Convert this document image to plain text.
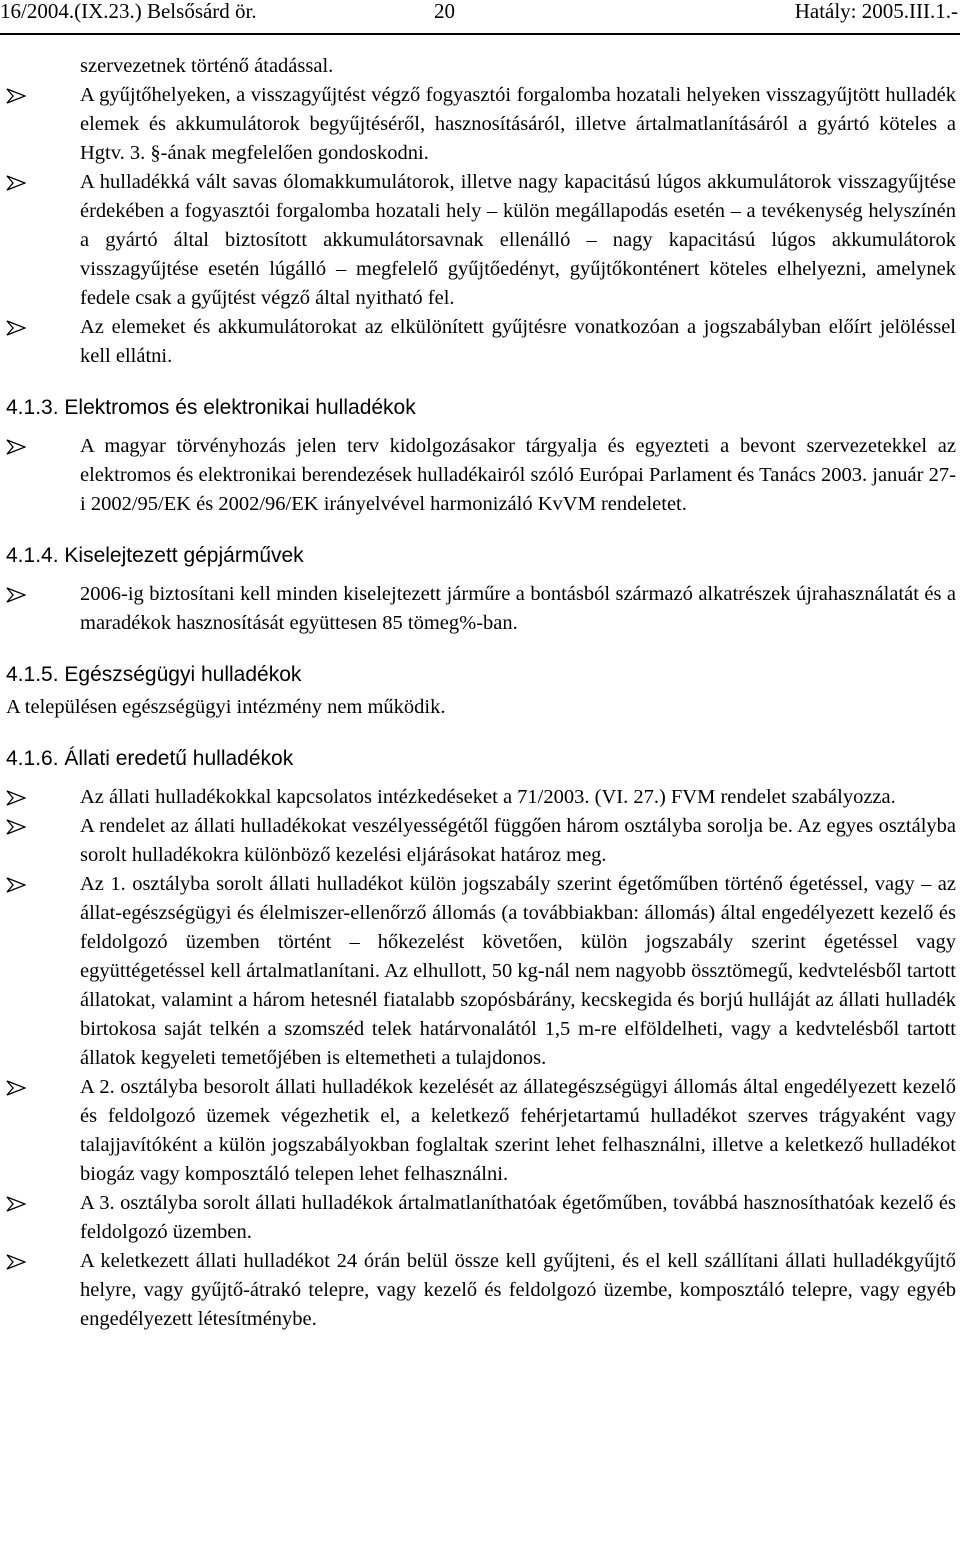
16/2004.(IX.23.) Belsősárd ör.	20	Hatály: 2005.III.1.-
szervezetnek történő átadással.
A gyűjtőhelyeken, a visszagyűjtést végző fogyasztói forgalomba hozatali helyeken visszagyűjtött hulladék elemek és akkumulátorok begyűjtéséről, hasznosításáról, illetve ártalmatlanításáról a gyártó köteles a Hgtv. 3. §-ának megfelelően gondoskodni.
A hulladékká vált savas ólomakkumulátorok, illetve nagy kapacitású lúgos akkumulátorok visszagyűjtése érdekében a fogyasztói forgalomba hozatali hely – külön megállapodás esetén – a tevékenység helyszínén a gyártó által biztosított akkumulátorsavnak ellenálló – nagy kapacitású lúgos akkumulátorok visszagyűjtése esetén lúgálló – megfelelő gyűjtőedényt, gyűjtőkonténert köteles elhelyezni, amelynek fedele csak a gyűjtést végző által nyitható fel.
Az elemeket és akkumulátorokat az elkülönített gyűjtésre vonatkozóan a jogszabályban előírt jelöléssel kell ellátni.
4.1.3. Elektromos és elektronikai hulladékok
A magyar törvényhozás jelen terv kidolgozásakor tárgyalja és egyezteti a bevont szervezetekkel az elektromos és elektronikai berendezések hulladékairól szóló Európai Parlament és Tanács 2003. január 27-i 2002/95/EK és 2002/96/EK irányelvével harmonizáló KvVM rendeletet.
4.1.4. Kiselejtezett gépjárművek
2006-ig biztosítani kell minden kiselejtezett járműre a bontásból származó alkatrészek újrahasználatát és a maradékok hasznosítását együttesen 85 tömeg%-ban.
4.1.5. Egészségügyi hulladékok
A településen egészségügyi intézmény nem működik.
4.1.6. Állati eredetű hulladékok
Az állati hulladékokkal kapcsolatos intézkedéseket a 71/2003. (VI. 27.) FVM rendelet szabályozza.
A rendelet az állati hulladékokat veszélyességétől függően három osztályba sorolja be. Az egyes osztályba sorolt hulladékokra különböző kezelési eljárásokat határoz meg.
Az 1. osztályba sorolt állati hulladékot külön jogszabály szerint égetőműben történő égetéssel, vagy – az állat-egészségügyi és élelmiszer-ellenőrző állomás (a továbbiakban: állomás) által engedélyezett kezelő és feldolgozó üzemben történt – hőkezelést követően, külön jogszabály szerint égetéssel vagy együttégetéssel kell ártalmatlanítani. Az elhullott, 50 kg-nál nem nagyobb össztömegű, kedvtelésből tartott állatokat, valamint a három hetesnél fiatalabb szopósbárány, kecskegida és borjú hulláját az állati hulladék birtokosa saját telkén a szomszéd telek határvonalától 1,5 m-re elföldelheti, vagy a kedvtelésből tartott állatok kegyeleti temetőjében is eltemetheti a tulajdonos.
A 2. osztályba besorolt állati hulladékok kezelését az állategészségügyi állomás által engedélyezett kezelő és feldolgozó üzemek végezhetik el, a keletkező fehérjetartamú hulladékot szerves trágyaként vagy talajjavítóként a külön jogszabályokban foglaltak szerint lehet felhasználni, illetve a keletkező hulladékot biogáz vagy komposztáló telepen lehet felhasználni.
A 3. osztályba sorolt állati hulladékok ártalmatlaníthatóak égetőműben, továbbá hasznosíthatóak kezelő és feldolgozó üzemben.
A keletkezett állati hulladékot 24 órán belül össze kell gyűjteni, és el kell szállítani állati hulladékgyűjtő helyre, vagy gyűjtő-átrakó telepre, vagy kezelő és feldolgozó üzembe, komposztáló telepre, vagy egyéb engedélyezett létesítménybe.
